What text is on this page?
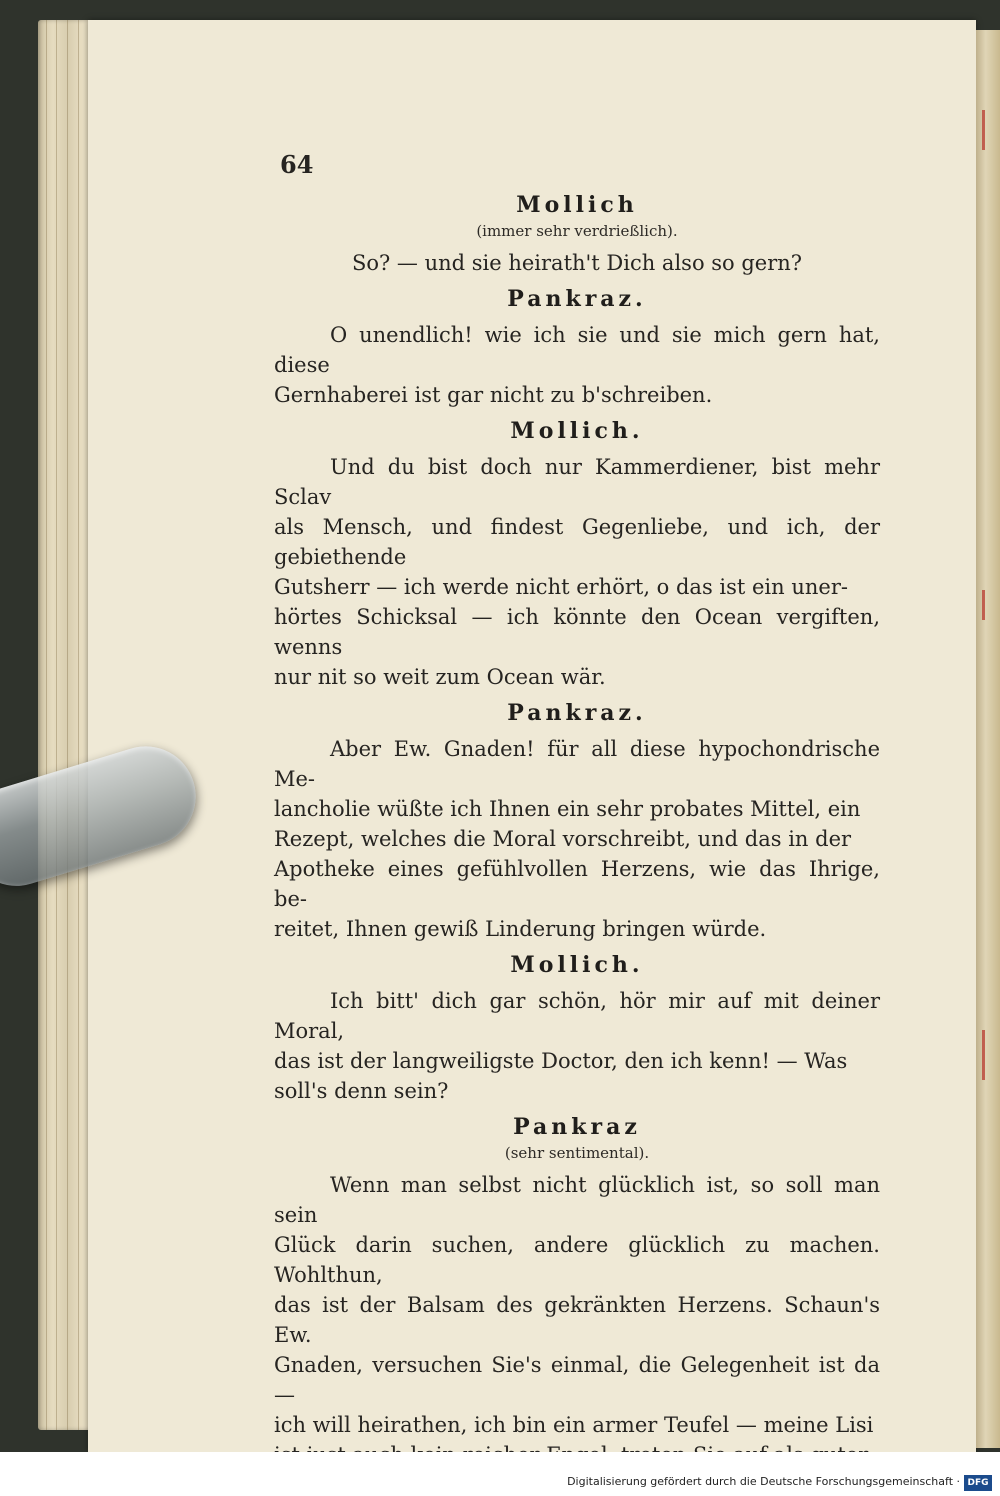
64

Mollich

(immer sehr verdrießlich).

So? — und sie heirath't Dich also so gern?

Pankraz.

O unendlich! wie ich sie und sie mich gern hat, diese
Gernhaberei ist gar nicht zu b'schreiben.

Mollich.

Und du bist doch nur Kammerdiener, bist mehr Sclav
als Mensch, und findest Gegenliebe, und ich, der gebiethende
Gutsherr — ich werde nicht erhört, o das ist ein uner-
hörtes Schicksal — ich könnte den Ocean vergiften, wenns
nur nit so weit zum Ocean wär.

Pankraz.

Aber Ew. Gnaden! für all diese hypochondrische Me-
lancholie wüßte ich Ihnen ein sehr probates Mittel, ein
Rezept, welches die Moral vorschreibt, und das in der
Apotheke eines gefühlvollen Herzens, wie das Ihrige, be-
reitet, Ihnen gewiß Linderung bringen würde.

Mollich.

Ich bitt' dich gar schön, hör mir auf mit deiner Moral,
das ist der langweiligste Doctor, den ich kenn! — Was
soll's denn sein?

Pankraz

(sehr sentimental).

Wenn man selbst nicht glücklich ist, so soll man sein
Glück darin suchen, andere glücklich zu machen. Wohlthun,
das ist der Balsam des gekränkten Herzens. Schaun's Ew.
Gnaden, versuchen Sie's einmal, die Gelegenheit ist da —
ich will heirathen, ich bin ein armer Teufel — meine Lisi

Digitalisierung gefördert durch die Deutsche Forschungsgemeinschaft · DFG
